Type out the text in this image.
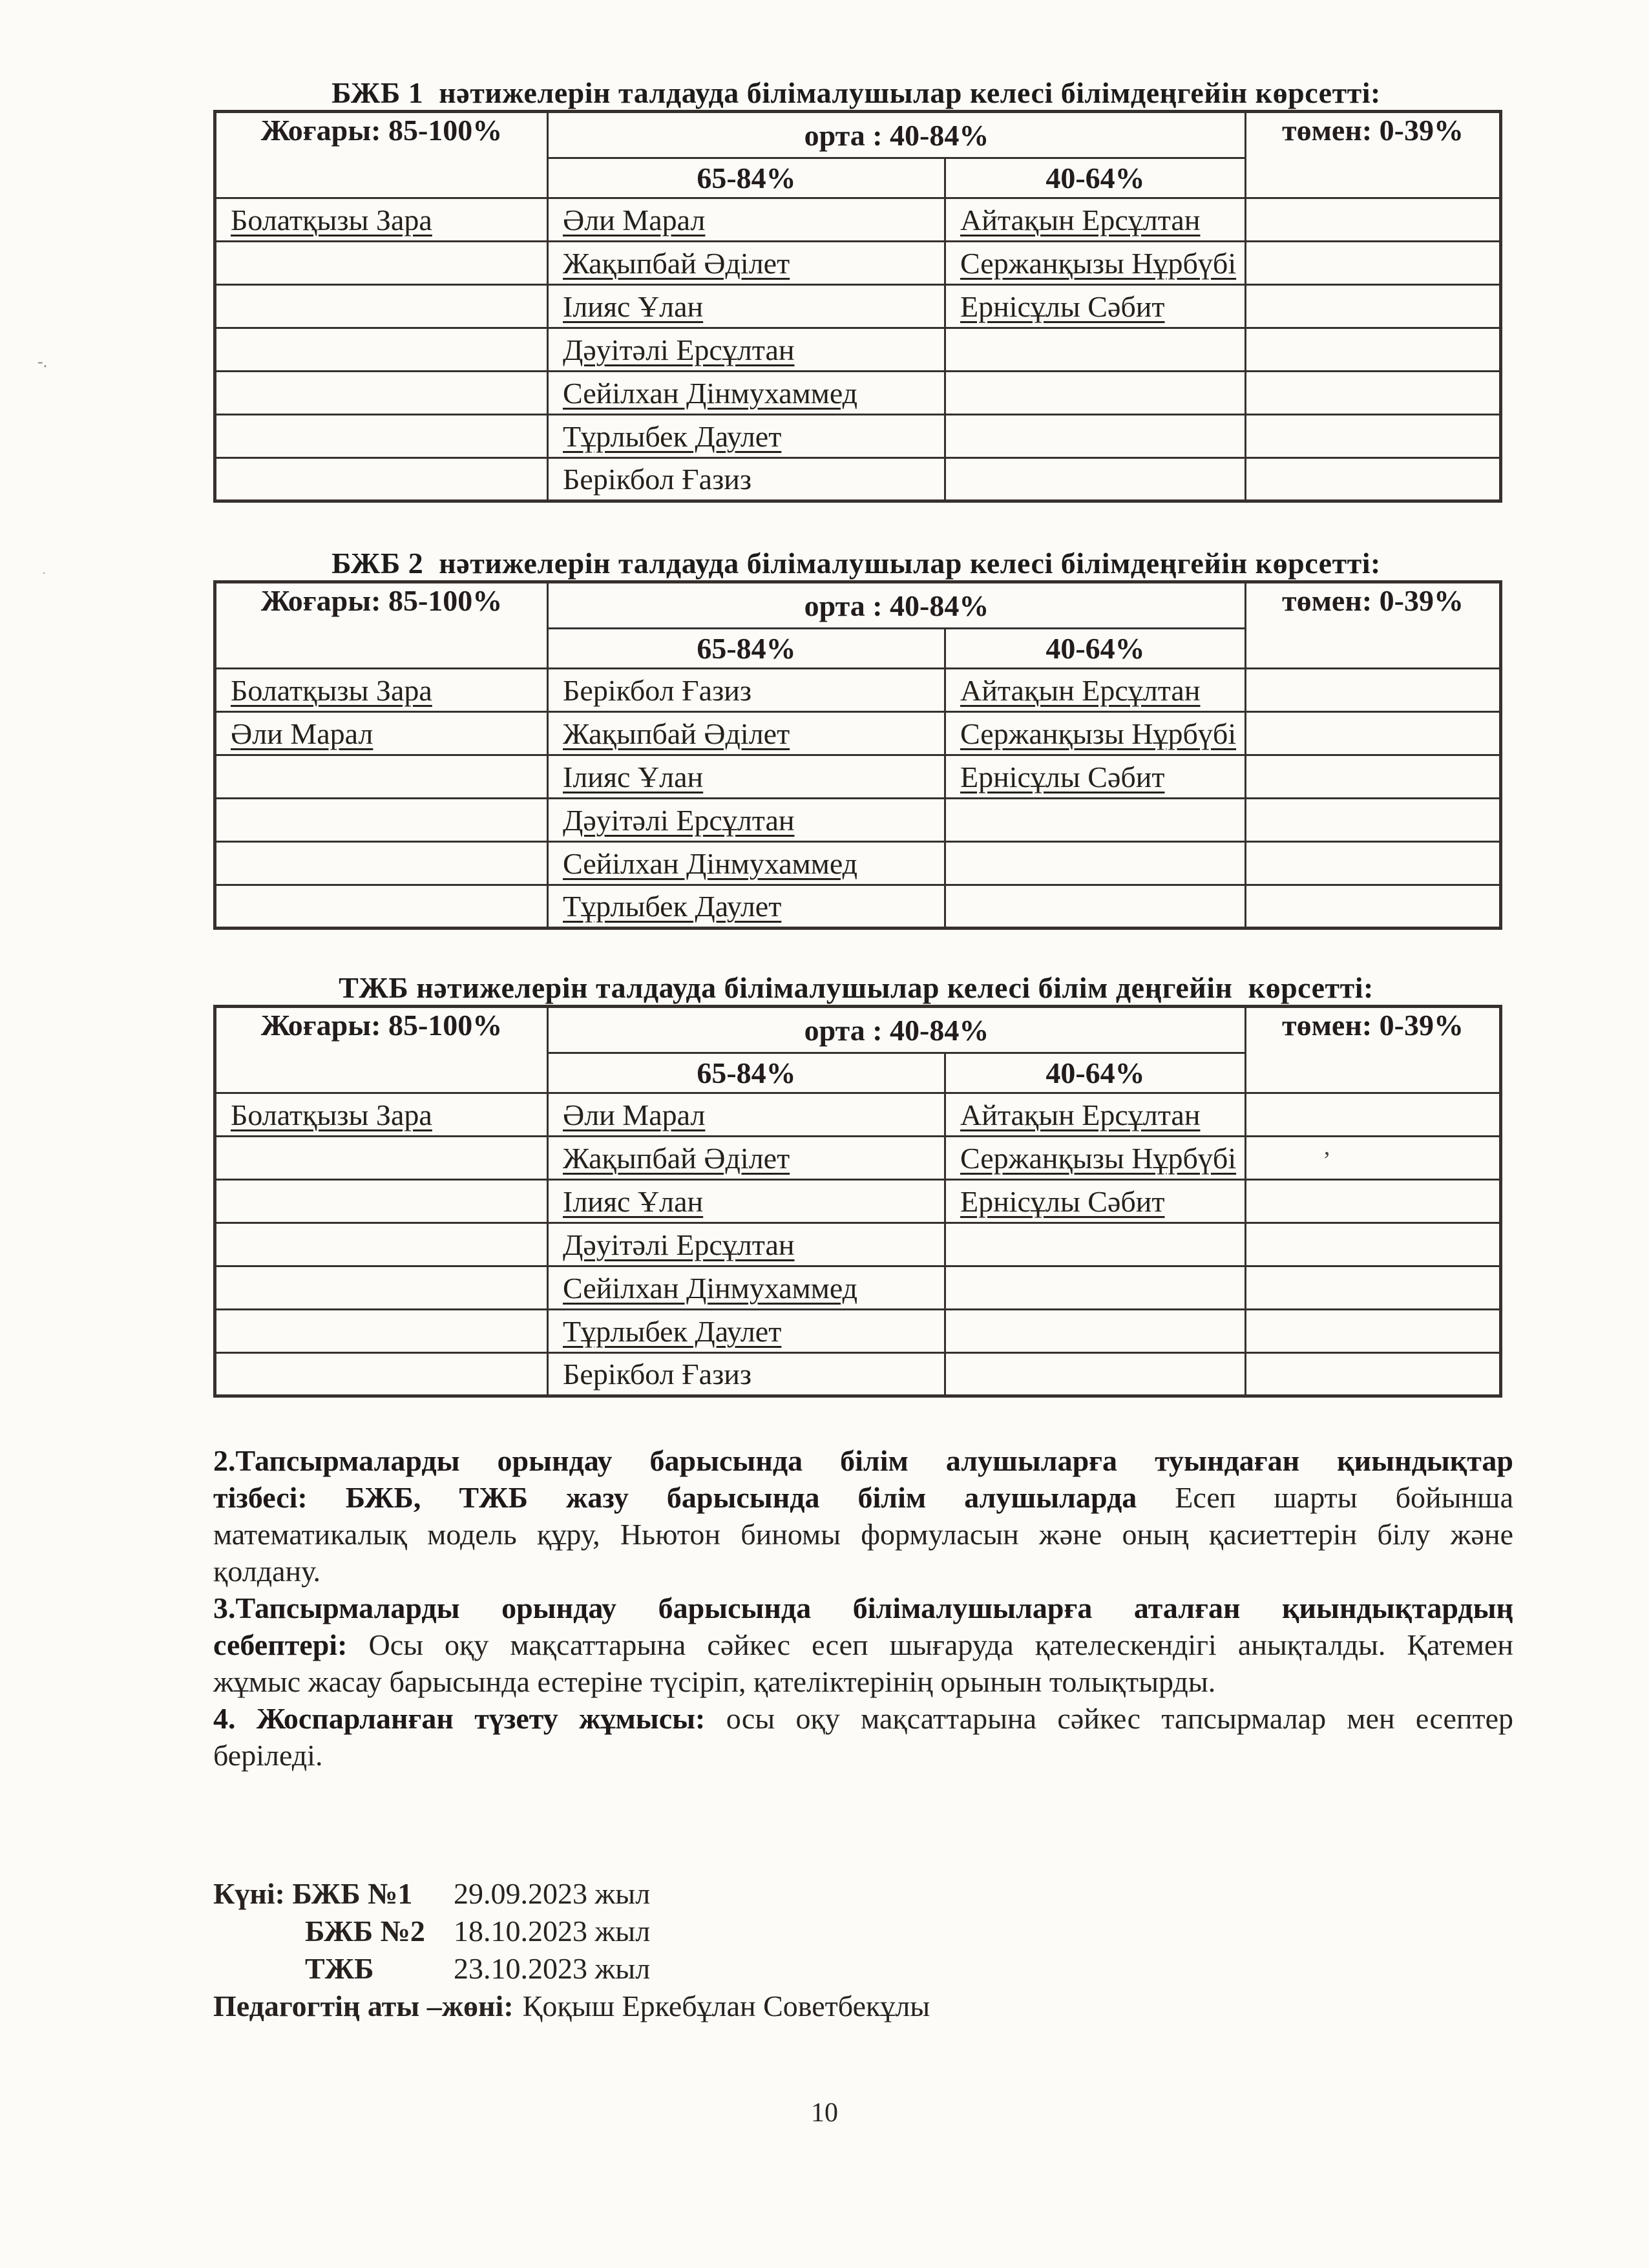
-.
.
БЖБ 1  нәтижелерін талдауда білімалушылар келесі білімдеңгейін көрсетті:
Жоғары: 85-100%	орта : 40-84%		төмен: 0-39%
	65-84%	40-64%	
Болатқызы Зара	Әли Марал	Айтақын Ерсұлтан	
	Жақыпбай Әділет	Сержанқызы Нұрбүбі	
	Ілияс Ұлан	Ернісұлы Сәбит	
	Дәуітәлі Ерсұлтан		
	Сейілхан Дінмухаммед		
	Тұрлыбек Даулет		
	Берікбол Ғазиз		
БЖБ 2  нәтижелерін талдауда білімалушылар келесі білімдеңгейін көрсетті:
Жоғары: 85-100%	орта : 40-84%		төмен: 0-39%
	65-84%	40-64%	
Болатқызы Зара	Берікбол Ғазиз	Айтақын Ерсұлтан	
Әли Марал	Жақыпбай Әділет	Сержанқызы Нұрбүбі	
	Ілияс Ұлан	Ернісұлы Сәбит	
	Дәуітәлі Ерсұлтан		
	Сейілхан Дінмухаммед		
	Тұрлыбек Даулет		
ТЖБ нәтижелерін талдауда білімалушылар келесі білім деңгейін  көрсетті:
Жоғары: 85-100%	орта : 40-84%		төмен: 0-39%
	65-84%	40-64%	
Болатқызы Зара	Әли Марал	Айтақын Ерсұлтан	
	Жақыпбай Әділет	Сержанқызы Нұрбүбі	’
	Ілияс Ұлан	Ернісұлы Сәбит	
	Дәуітәлі Ерсұлтан		
	Сейілхан Дінмухаммед		
	Тұрлыбек Даулет		
	Берікбол Ғазиз		
2.Тапсырмаларды орындау барысында білім алушыларға туындаған қиындықтар
тізбесі: БЖБ, ТЖБ жазу барысында білім алушыларда Есеп шарты бойынша
математикалық модель құру, Ньютон биномы формуласын және оның қасиеттерін білу және
қолдану.
3.Тапсырмаларды орындау барысында білімалушыларға аталған қиындықтардың
себептері: Осы оқу мақсаттарына сәйкес есеп шығаруда қателескендігі анықталды. Қатемен
жұмыс жасау барысында естеріне түсіріп, қателіктерінің орынын толықтырды.
4. Жоспарланған түзету жұмысы: осы оқу мақсаттарына сәйкес тапсырмалар мен есептер
беріледі.
Күні: БЖБ №1	29.09.2023 жыл
БЖБ №2 18.10.2023 жыл
ТЖБ	23.10.2023 жыл
Педагогтің аты –жөні: Қоқыш Еркебұлан Советбекұлы
10
